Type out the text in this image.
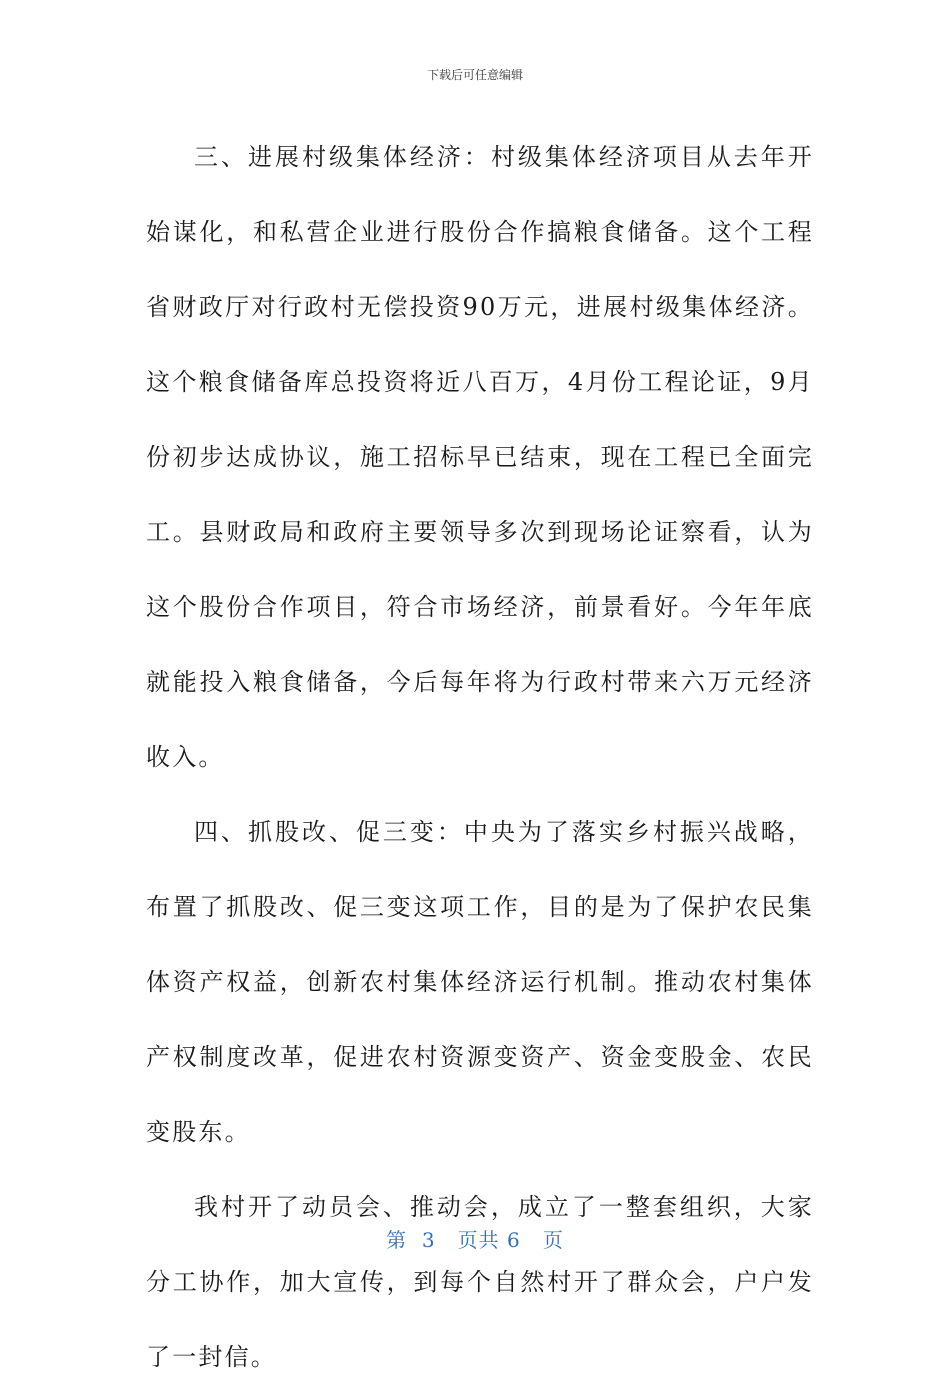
下载后可任意编辑

三、进展村级集体经济：村级集体经济项目从去年开始谋化，和私营企业进行股份合作搞粮食储备。这个工程省财政厅对行政村无偿投资90万元，进展村级集体经济。这个粮食储备库总投资将近八百万，4月份工程论证，9月份初步达成协议，施工招标早已结束，现在工程已全面完工。县财政局和政府主要领导多次到现场论证察看，认为这个股份合作项目，符合市场经济，前景看好。今年年底就能投入粮食储备，今后每年将为行政村带来六万元经济收入。

四、抓股改、促三变：中央为了落实乡村振兴战略，布置了抓股改、促三变这项工作，目的是为了保护农民集体资产权益，创新农村集体经济运行机制。推动农村集体产权制度改革，促进农村资源变资产、资金变股金、农民变股东。

我村开了动员会、推动会，成立了一整套组织，大家分工协作，加大宣传，到每个自然村开了群众会，户户发了一封信。

第 3 页共 6 页
